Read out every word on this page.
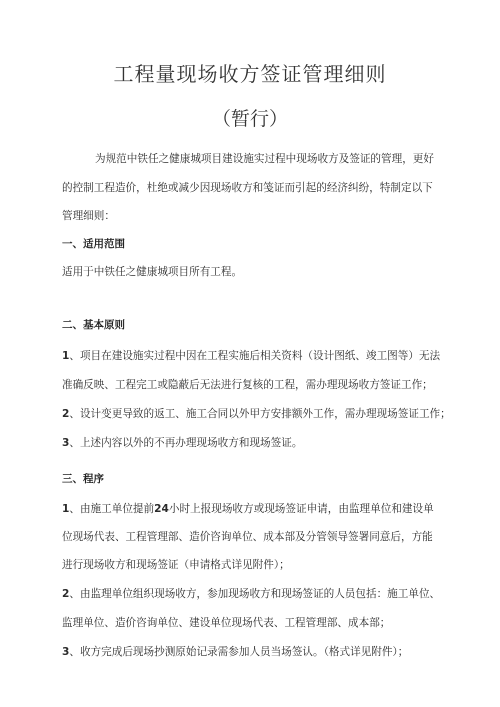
工程量现场收方签证管理细则
（暂行）
为规范中铁任之健康城项目建设施实过程中现场收方及签证的管理，更好
的控制工程造价，杜绝或减少因现场收方和笺证而引起的经济纠纷，特制定以下
管理细则：
一、适用范围
适用于中铁任之健康城项目所有工程。
二、基本原则
1、项目在建设施实过程中因在工程实施后相关资料（设计图纸、竣工图等）无法
准确反映、工程完工或隐蔽后无法进行复核的工程，需办理现场收方签证工作；
2、设计变更导致的返工、施工合同以外甲方安排额外工作，需办理现场签证工作；
3、上述内容以外的不再办理现场收方和现场签证。
三、程序
1、由施工单位提前24小时上报现场收方或现场签证申请，由监理单位和建设单
位现场代表、工程管理部、造价咨询单位、成本部及分管领导签署同意后，方能
进行现场收方和现场签证（申请格式详见附件）；
2、由监理单位组织现场收方，参加现场收方和现场签证的人员包括：施工单位、
监理单位、造价咨询单位、建设单位现场代表、工程管理部、成本部；
3、收方完成后现场抄测原始记录需参加人员当场签认。（格式详见附件）；
